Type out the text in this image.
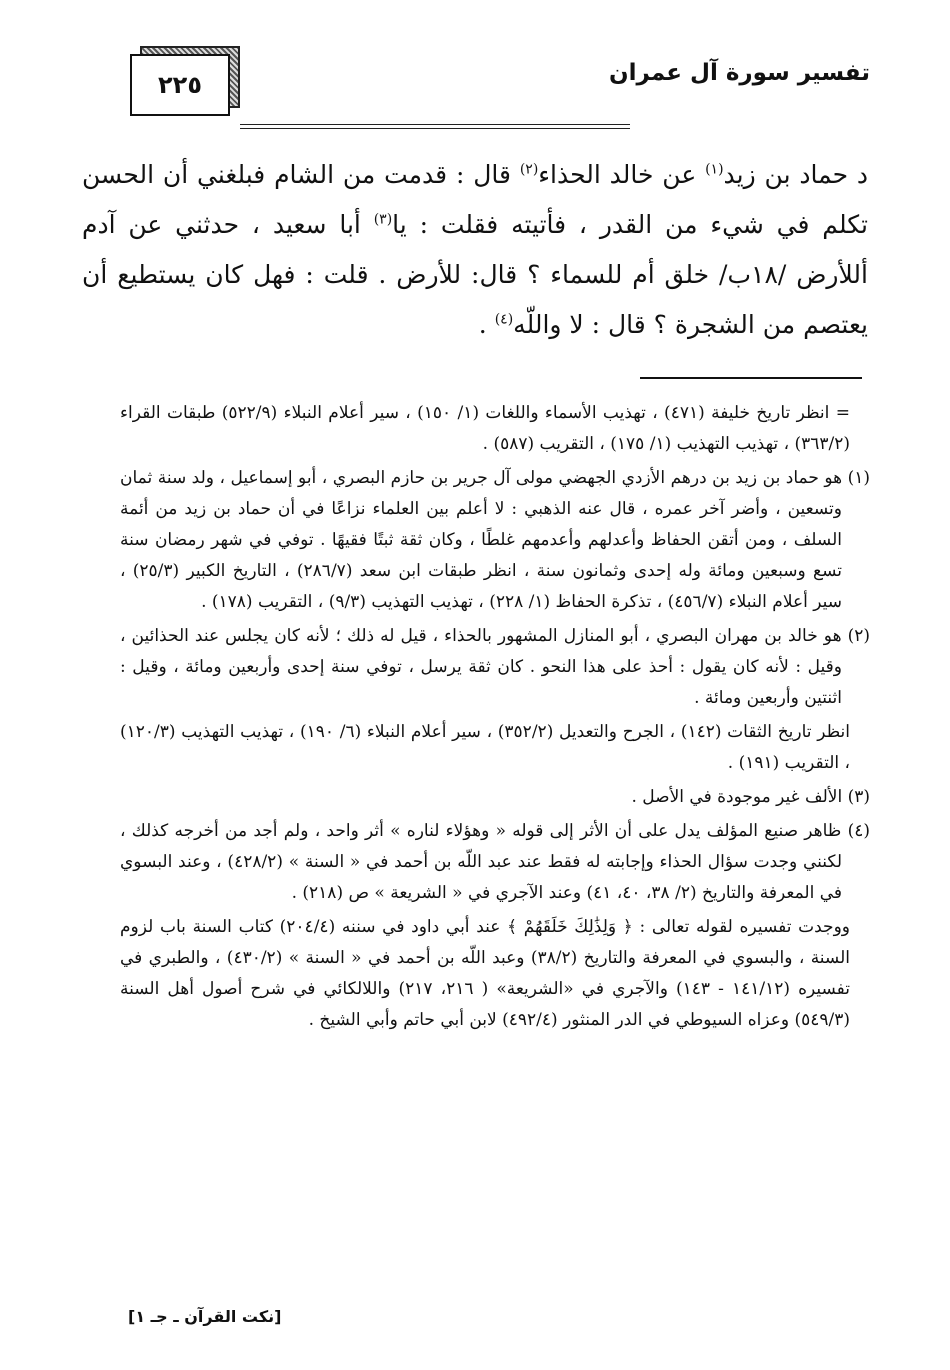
تفسير سورة آل عمران
٢٢٥

د حماد بن زيد$^{(١)}$ عن خالد الحذاء$^{(٢)}$ قال : قدمت من الشام فبلغني أن الحسن تكلم في شيء من القدر ، فأتيته فقلت : يا$^{(٣)}$ أبا سعيد ، حدثني عن آدم أللأرض /١٨ب/ خلق أم للسماء ؟ قال: للأرض . قلت : فهل كان يستطيع أن يعتصم من الشجرة ؟ قال : لا واللّه$^{(٤)}$ .

= انظر تاريخ خليفة (٤٧١) ، تهذيب الأسماء واللغات (١/ ١٥٠) ، سير أعلام النبلاء (٥٢٢/٩) طبقات القراء (٣٦٣/٢) ، تهذيب التهذيب (١/ ١٧٥) ، التقريب (٥٨٧) .

(١) هو حماد بن زيد بن درهم الأزدي الجهضي مولى آل جرير بن حازم البصري ، أبو إسماعيل ، ولد سنة ثمان وتسعين ، وأضر آخر عمره ، قال عنه الذهبي : لا أعلم بين العلماء نزاعًا في أن حماد بن زيد من أئمة السلف ، ومن أتقن الحفاظ وأعدلهم وأعدمهم غلطًا ، وكان ثقة ثبتًا فقيهًا . توفي في شهر رمضان سنة تسع وسبعين ومائة وله إحدى وثمانون سنة ، انظر طبقات ابن سعد (٢٨٦/٧) ، التاريخ الكبير (٢٥/٣) ، سير أعلام النبلاء (٤٥٦/٧) ، تذكرة الحفاظ (١/ ٢٢٨) ، تهذيب التهذيب (٩/٣) ، التقريب (١٧٨) .

(٢) هو خالد بن مهران البصري ، أبو المنازل المشهور بالحذاء ، قيل له ذلك ؛ لأنه كان يجلس عند الحذائين ، وقيل : لأنه كان يقول : أحذ على هذا النحو . كان ثقة يرسل ، توفي سنة إحدى وأربعين ومائة ، وقيل : اثنتين وأربعين ومائة .

انظر تاريخ الثقات (١٤٢) ، الجرح والتعديل (٣٥٢/٢) ، سير أعلام النبلاء (٦/ ١٩٠) ، تهذيب التهذيب (١٢٠/٣) ، التقريب (١٩١) .

(٣) الألف غير موجودة في الأصل .

(٤) ظاهر صنيع المؤلف يدل على أن الأثر إلى قوله « وهؤلاء لناره » أثر واحد ، ولم أجد من أخرجه كذلك ، لكنني وجدت سؤال الحذاء وإجابته له فقط عند عبد اللّه بن أحمد في « السنة » (٤٢٨/٢) ، وعند البسوي في المعرفة والتاريخ (٢/ ٣٨، ٤٠، ٤١) وعند الآجري في « الشريعة » ص (٢١٨) .

ووجدت تفسيره لقوله تعالى : ﴿ وَلِذَٰلِكَ خَلَقَهُمْ ﴾ عند أبي داود في سننه (٢٠٤/٤) كتاب السنة باب لزوم السنة ، والبسوي في المعرفة والتاريخ (٣٨/٢) وعبد اللّه بن أحمد في « السنة » (٤٣٠/٢) ، والطبري في تفسيره (١٤١/١٢ - ١٤٣) والآجري في «الشريعة» ( ٢١٦، ٢١٧) واللالكائي في شرح أصول أهل السنة (٥٤٩/٣) وعزاه السيوطي في الدر المنثور (٤٩٢/٤) لابن أبي حاتم وأبي الشيخ .

[نكت القرآن ـ جـ ١]
